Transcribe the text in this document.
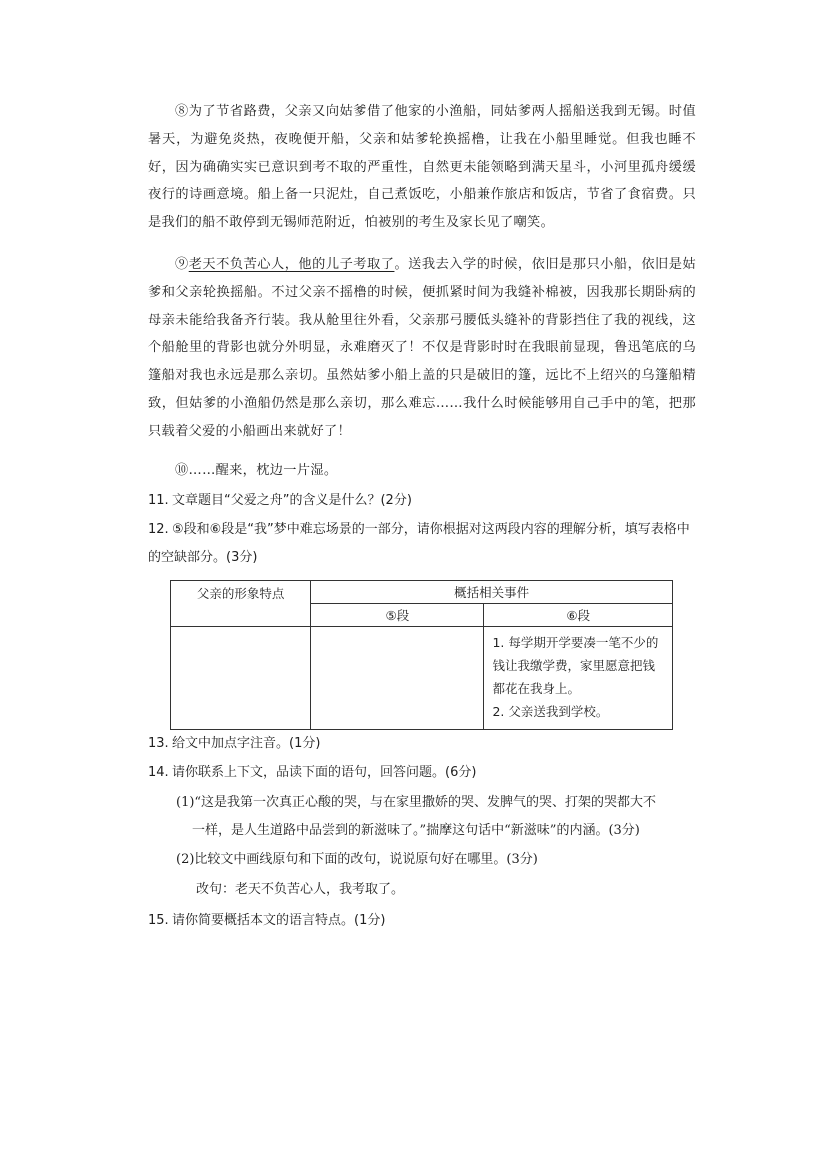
⑧为了节省路费，父亲又向姑爹借了他家的小渔船，同姑爹两人摇船送我到无锡。时值暑天，为避免炎热，夜晚便开船，父亲和姑爹轮换摇橹，让我在小船里睡觉。但我也睡不好，因为确确实实已意识到考不取的严重性，自然更未能领略到满天星斗，小河里孤舟缓缓夜行的诗画意境。船上备一只泥灶，自己煮饭吃，小船兼作旅店和饭店，节省了食宿费。只是我们的船不敢停到无锡师范附近，怕被别的考生及家长见了嘲笑。

⑨老天不负苦心人，他的儿子考取了。送我去入学的时候，依旧是那只小船，依旧是姑爹和父亲轮换摇船。不过父亲不摇橹的时候，便抓紧时间为我缝补棉被，因我那长期卧病的母亲未能给我备齐行装。我从舱里往外看，父亲那弓腰低头缝补的背影挡住了我的视线，这个船舱里的背影也就分外明显，永难磨灭了！不仅是背影时时在我眼前显现，鲁迅笔底的乌篷船对我也永远是那么亲切。虽然姑爹小船上盖的只是破旧的篷，远比不上绍兴的乌篷船精致，但姑爹的小渔船仍然是那么亲切，那么难忘……我什么时候能够用自己手中的笔，把那只载着父爱的小船画出来就好了！

⑩……醒来，枕边一片湿。

11. 文章题目“父爱之舟”的含义是什么？(2分)

12. ⑤段和⑥段是“我”梦中难忘场景的一部分，请你根据对这两段内容的理解分析，填写表格中的空缺部分。(3分)

父亲的形象特点	概括相关事件	
	⑤段	⑥段

		1. 每学期开学要凑一笔不少的钱让我缴学费，家里愿意把钱都花在我身上。
2. 父亲送我到学校。

13. 给文中加点字注音。(1分)

14. 请你联系上下文，品读下面的语句，回答问题。(6分)

(1)“这是我第一次真正心酸的哭，与在家里撒娇的哭、发脾气的哭、打架的哭都大不
一样，是人生道路中品尝到的新滋味了。”揣摩这句话中“新滋味”的内涵。(3分)

(2)比较文中画线原句和下面的改句，说说原句好在哪里。(3分)

改句：老天不负苦心人，我考取了。

15. 请你简要概括本文的语言特点。(1分)
